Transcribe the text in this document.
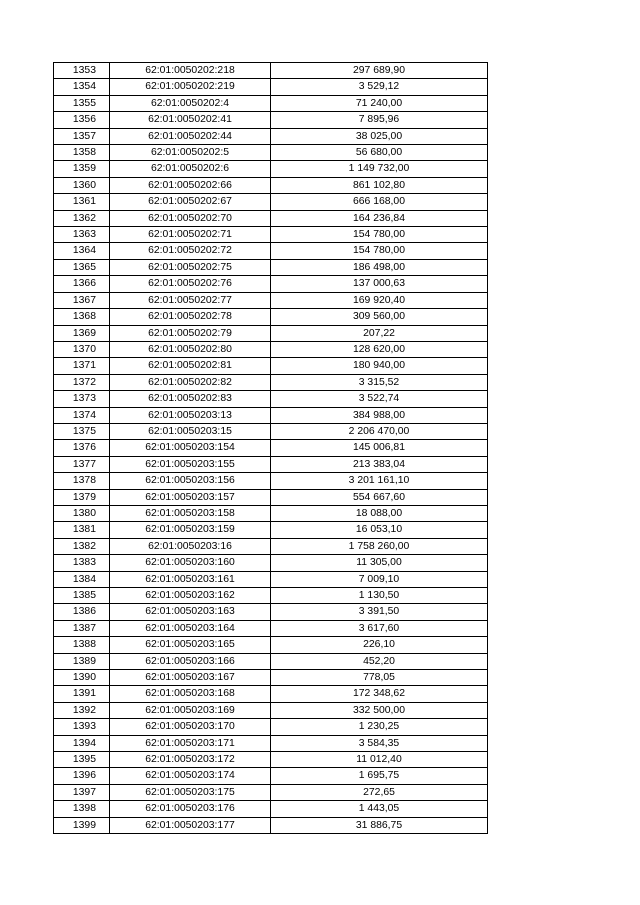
1353	62:01:0050202:218	297 689,90
1354	62:01:0050202:219	3 529,12
1355	62:01:0050202:4	71 240,00
1356	62:01:0050202:41	7 895,96
1357	62:01:0050202:44	38 025,00
1358	62:01:0050202:5	56 680,00
1359	62:01:0050202:6	1 149 732,00
1360	62:01:0050202:66	861 102,80
1361	62:01:0050202:67	666 168,00
1362	62:01:0050202:70	164 236,84
1363	62:01:0050202:71	154 780,00
1364	62:01:0050202:72	154 780,00
1365	62:01:0050202:75	186 498,00
1366	62:01:0050202:76	137 000,63
1367	62:01:0050202:77	169 920,40
1368	62:01:0050202:78	309 560,00
1369	62:01:0050202:79	207,22
1370	62:01:0050202:80	128 620,00
1371	62:01:0050202:81	180 940,00
1372	62:01:0050202:82	3 315,52
1373	62:01:0050202:83	3 522,74
1374	62:01:0050203:13	384 988,00
1375	62:01:0050203:15	2 206 470,00
1376	62:01:0050203:154	145 006,81
1377	62:01:0050203:155	213 383,04
1378	62:01:0050203:156	3 201 161,10
1379	62:01:0050203:157	554 667,60
1380	62:01:0050203:158	18 088,00
1381	62:01:0050203:159	16 053,10
1382	62:01:0050203:16	1 758 260,00
1383	62:01:0050203:160	11 305,00
1384	62:01:0050203:161	7 009,10
1385	62:01:0050203:162	1 130,50
1386	62:01:0050203:163	3 391,50
1387	62:01:0050203:164	3 617,60
1388	62:01:0050203:165	226,10
1389	62:01:0050203:166	452,20
1390	62:01:0050203:167	778,05
1391	62:01:0050203:168	172 348,62
1392	62:01:0050203:169	332 500,00
1393	62:01:0050203:170	1 230,25
1394	62:01:0050203:171	3 584,35
1395	62:01:0050203:172	11 012,40
1396	62:01:0050203:174	1 695,75
1397	62:01:0050203:175	272,65
1398	62:01:0050203:176	1 443,05
1399	62:01:0050203:177	31 886,75
